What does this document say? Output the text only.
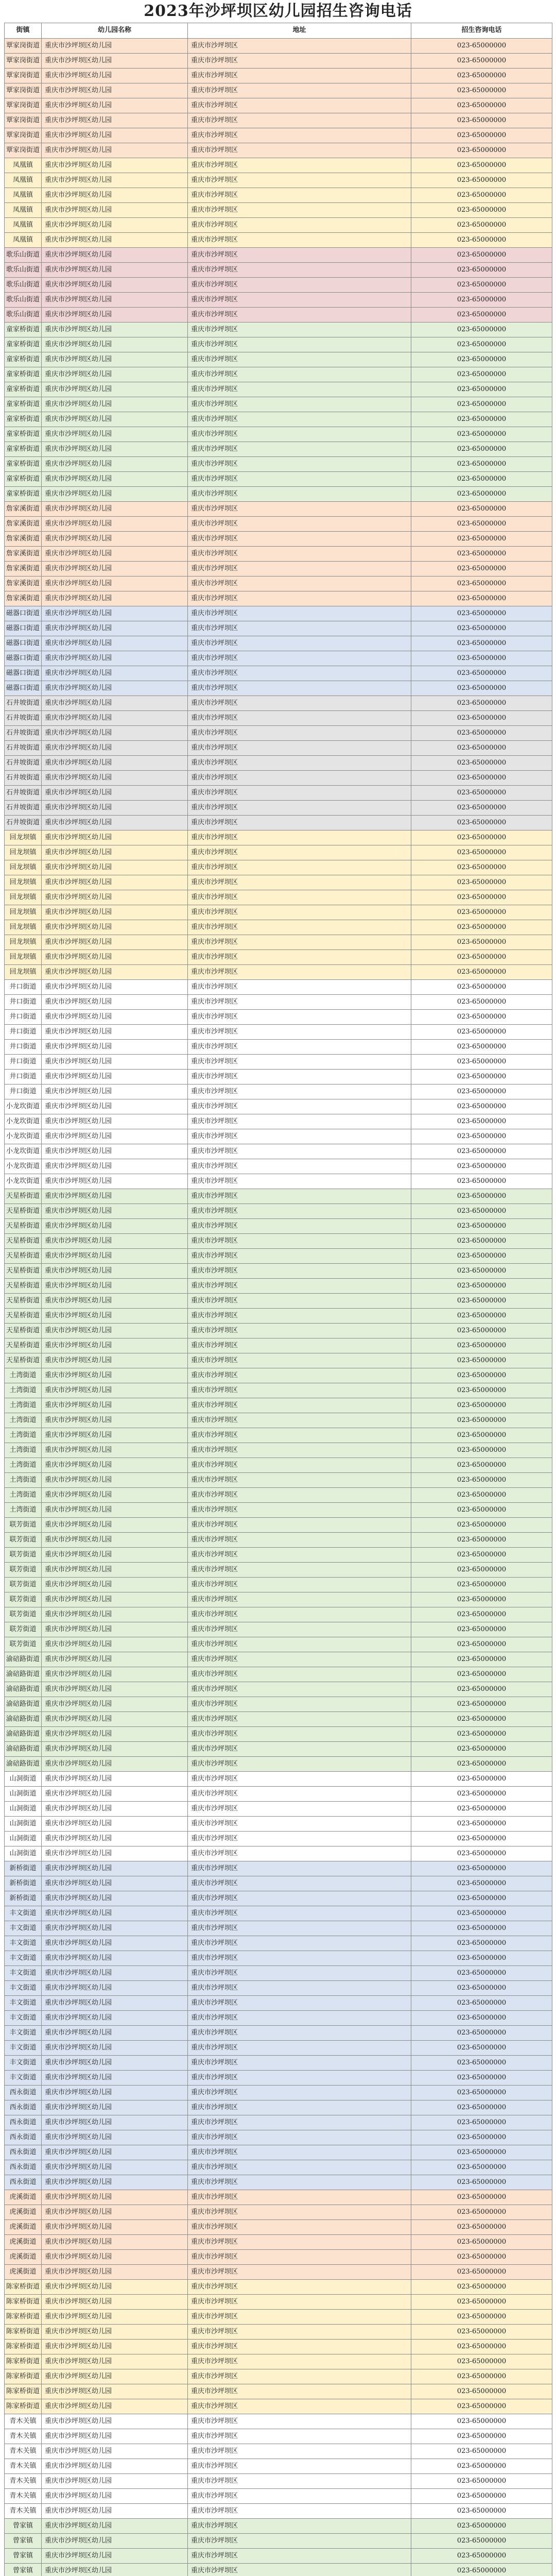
2023年沙坪坝区幼儿园招生咨询电话
街镇	幼儿园名称	地址	招生咨询电话
覃家岗街道 重庆市沙坪坝区幼儿园	重庆市沙坪坝区	023-65000000
覃家岗街道 重庆市沙坪坝区幼儿园	重庆市沙坪坝区	023-65000000
覃家岗街道 重庆市沙坪坝区幼儿园	重庆市沙坪坝区	023-65000000
覃家岗街道 重庆市沙坪坝区幼儿园	重庆市沙坪坝区	023-65000000
覃家岗街道 重庆市沙坪坝区幼儿园	重庆市沙坪坝区	023-65000000
覃家岗街道 重庆市沙坪坝区幼儿园	重庆市沙坪坝区	023-65000000
覃家岗街道 重庆市沙坪坝区幼儿园	重庆市沙坪坝区	023-65000000
覃家岗街道 重庆市沙坪坝区幼儿园	重庆市沙坪坝区	023-65000000
凤凰镇	重庆市沙坪坝区幼儿园	重庆市沙坪坝区	023-65000000
凤凰镇	重庆市沙坪坝区幼儿园	重庆市沙坪坝区	023-65000000
凤凰镇	重庆市沙坪坝区幼儿园	重庆市沙坪坝区	023-65000000
凤凰镇	重庆市沙坪坝区幼儿园	重庆市沙坪坝区	023-65000000
凤凰镇	重庆市沙坪坝区幼儿园	重庆市沙坪坝区	023-65000000
凤凰镇	重庆市沙坪坝区幼儿园	重庆市沙坪坝区	023-65000000
歌乐山街道 重庆市沙坪坝区幼儿园	重庆市沙坪坝区	023-65000000
歌乐山街道 重庆市沙坪坝区幼儿园	重庆市沙坪坝区	023-65000000
歌乐山街道 重庆市沙坪坝区幼儿园	重庆市沙坪坝区	023-65000000
歌乐山街道 重庆市沙坪坝区幼儿园	重庆市沙坪坝区	023-65000000
歌乐山街道 重庆市沙坪坝区幼儿园	重庆市沙坪坝区	023-65000000
童家桥街道 重庆市沙坪坝区幼儿园	重庆市沙坪坝区	023-65000000
童家桥街道 重庆市沙坪坝区幼儿园	重庆市沙坪坝区	023-65000000
童家桥街道 重庆市沙坪坝区幼儿园	重庆市沙坪坝区	023-65000000
童家桥街道 重庆市沙坪坝区幼儿园	重庆市沙坪坝区	023-65000000
童家桥街道 重庆市沙坪坝区幼儿园	重庆市沙坪坝区	023-65000000
童家桥街道 重庆市沙坪坝区幼儿园	重庆市沙坪坝区	023-65000000
童家桥街道 重庆市沙坪坝区幼儿园	重庆市沙坪坝区	023-65000000
童家桥街道 重庆市沙坪坝区幼儿园	重庆市沙坪坝区	023-65000000
童家桥街道 重庆市沙坪坝区幼儿园	重庆市沙坪坝区	023-65000000
童家桥街道 重庆市沙坪坝区幼儿园	重庆市沙坪坝区	023-65000000
童家桥街道 重庆市沙坪坝区幼儿园	重庆市沙坪坝区	023-65000000
童家桥街道 重庆市沙坪坝区幼儿园	重庆市沙坪坝区	023-65000000
詹家溪街道 重庆市沙坪坝区幼儿园	重庆市沙坪坝区	023-65000000
詹家溪街道 重庆市沙坪坝区幼儿园	重庆市沙坪坝区	023-65000000
詹家溪街道 重庆市沙坪坝区幼儿园	重庆市沙坪坝区	023-65000000
詹家溪街道 重庆市沙坪坝区幼儿园	重庆市沙坪坝区	023-65000000
詹家溪街道 重庆市沙坪坝区幼儿园	重庆市沙坪坝区	023-65000000
詹家溪街道 重庆市沙坪坝区幼儿园	重庆市沙坪坝区	023-65000000
詹家溪街道 重庆市沙坪坝区幼儿园	重庆市沙坪坝区	023-65000000
磁器口街道 重庆市沙坪坝区幼儿园	重庆市沙坪坝区	023-65000000
磁器口街道 重庆市沙坪坝区幼儿园	重庆市沙坪坝区	023-65000000
磁器口街道 重庆市沙坪坝区幼儿园	重庆市沙坪坝区	023-65000000
磁器口街道 重庆市沙坪坝区幼儿园	重庆市沙坪坝区	023-65000000
磁器口街道 重庆市沙坪坝区幼儿园	重庆市沙坪坝区	023-65000000
磁器口街道 重庆市沙坪坝区幼儿园	重庆市沙坪坝区	023-65000000
石井坡街道 重庆市沙坪坝区幼儿园	重庆市沙坪坝区	023-65000000
石井坡街道 重庆市沙坪坝区幼儿园	重庆市沙坪坝区	023-65000000
石井坡街道 重庆市沙坪坝区幼儿园	重庆市沙坪坝区	023-65000000
石井坡街道 重庆市沙坪坝区幼儿园	重庆市沙坪坝区	023-65000000
石井坡街道 重庆市沙坪坝区幼儿园	重庆市沙坪坝区	023-65000000
石井坡街道 重庆市沙坪坝区幼儿园	重庆市沙坪坝区	023-65000000
石井坡街道 重庆市沙坪坝区幼儿园	重庆市沙坪坝区	023-65000000
石井坡街道 重庆市沙坪坝区幼儿园	重庆市沙坪坝区	023-65000000
石井坡街道 重庆市沙坪坝区幼儿园	重庆市沙坪坝区	023-65000000
回龙坝镇	重庆市沙坪坝区幼儿园	重庆市沙坪坝区	023-65000000
回龙坝镇	重庆市沙坪坝区幼儿园	重庆市沙坪坝区	023-65000000
回龙坝镇	重庆市沙坪坝区幼儿园	重庆市沙坪坝区	023-65000000
回龙坝镇	重庆市沙坪坝区幼儿园	重庆市沙坪坝区	023-65000000
回龙坝镇	重庆市沙坪坝区幼儿园	重庆市沙坪坝区	023-65000000
回龙坝镇	重庆市沙坪坝区幼儿园	重庆市沙坪坝区	023-65000000
回龙坝镇	重庆市沙坪坝区幼儿园	重庆市沙坪坝区	023-65000000
回龙坝镇	重庆市沙坪坝区幼儿园	重庆市沙坪坝区	023-65000000
回龙坝镇	重庆市沙坪坝区幼儿园	重庆市沙坪坝区	023-65000000
回龙坝镇	重庆市沙坪坝区幼儿园	重庆市沙坪坝区	023-65000000
井口街道	重庆市沙坪坝区幼儿园	重庆市沙坪坝区	023-65000000
井口街道	重庆市沙坪坝区幼儿园	重庆市沙坪坝区	023-65000000
井口街道	重庆市沙坪坝区幼儿园	重庆市沙坪坝区	023-65000000
井口街道	重庆市沙坪坝区幼儿园	重庆市沙坪坝区	023-65000000
井口街道	重庆市沙坪坝区幼儿园	重庆市沙坪坝区	023-65000000
井口街道	重庆市沙坪坝区幼儿园	重庆市沙坪坝区	023-65000000
井口街道	重庆市沙坪坝区幼儿园	重庆市沙坪坝区	023-65000000
井口街道	重庆市沙坪坝区幼儿园	重庆市沙坪坝区	023-65000000
小龙坎街道 重庆市沙坪坝区幼儿园	重庆市沙坪坝区	023-65000000
小龙坎街道 重庆市沙坪坝区幼儿园	重庆市沙坪坝区	023-65000000
小龙坎街道 重庆市沙坪坝区幼儿园	重庆市沙坪坝区	023-65000000
小龙坎街道 重庆市沙坪坝区幼儿园	重庆市沙坪坝区	023-65000000
小龙坎街道 重庆市沙坪坝区幼儿园	重庆市沙坪坝区	023-65000000
小龙坎街道 重庆市沙坪坝区幼儿园	重庆市沙坪坝区	023-65000000
天星桥街道 重庆市沙坪坝区幼儿园	重庆市沙坪坝区	023-65000000
天星桥街道 重庆市沙坪坝区幼儿园	重庆市沙坪坝区	023-65000000
天星桥街道 重庆市沙坪坝区幼儿园	重庆市沙坪坝区	023-65000000
天星桥街道 重庆市沙坪坝区幼儿园	重庆市沙坪坝区	023-65000000
天星桥街道 重庆市沙坪坝区幼儿园	重庆市沙坪坝区	023-65000000
天星桥街道 重庆市沙坪坝区幼儿园	重庆市沙坪坝区	023-65000000
天星桥街道 重庆市沙坪坝区幼儿园	重庆市沙坪坝区	023-65000000
天星桥街道 重庆市沙坪坝区幼儿园	重庆市沙坪坝区	023-65000000
天星桥街道 重庆市沙坪坝区幼儿园	重庆市沙坪坝区	023-65000000
天星桥街道 重庆市沙坪坝区幼儿园	重庆市沙坪坝区	023-65000000
天星桥街道 重庆市沙坪坝区幼儿园	重庆市沙坪坝区	023-65000000
天星桥街道 重庆市沙坪坝区幼儿园	重庆市沙坪坝区	023-65000000
土湾街道	重庆市沙坪坝区幼儿园	重庆市沙坪坝区	023-65000000
土湾街道	重庆市沙坪坝区幼儿园	重庆市沙坪坝区	023-65000000
土湾街道	重庆市沙坪坝区幼儿园	重庆市沙坪坝区	023-65000000
土湾街道	重庆市沙坪坝区幼儿园	重庆市沙坪坝区	023-65000000
土湾街道	重庆市沙坪坝区幼儿园	重庆市沙坪坝区	023-65000000
土湾街道	重庆市沙坪坝区幼儿园	重庆市沙坪坝区	023-65000000
土湾街道	重庆市沙坪坝区幼儿园	重庆市沙坪坝区	023-65000000
土湾街道	重庆市沙坪坝区幼儿园	重庆市沙坪坝区	023-65000000
土湾街道	重庆市沙坪坝区幼儿园	重庆市沙坪坝区	023-65000000
土湾街道	重庆市沙坪坝区幼儿园	重庆市沙坪坝区	023-65000000
联芳街道	重庆市沙坪坝区幼儿园	重庆市沙坪坝区	023-65000000
联芳街道	重庆市沙坪坝区幼儿园	重庆市沙坪坝区	023-65000000
联芳街道	重庆市沙坪坝区幼儿园	重庆市沙坪坝区	023-65000000
联芳街道	重庆市沙坪坝区幼儿园	重庆市沙坪坝区	023-65000000
联芳街道	重庆市沙坪坝区幼儿园	重庆市沙坪坝区	023-65000000
联芳街道	重庆市沙坪坝区幼儿园	重庆市沙坪坝区	023-65000000
联芳街道	重庆市沙坪坝区幼儿园	重庆市沙坪坝区	023-65000000
联芳街道	重庆市沙坪坝区幼儿园	重庆市沙坪坝区	023-65000000
联芳街道	重庆市沙坪坝区幼儿园	重庆市沙坪坝区	023-65000000
渝碚路街道 重庆市沙坪坝区幼儿园	重庆市沙坪坝区	023-65000000
渝碚路街道 重庆市沙坪坝区幼儿园	重庆市沙坪坝区	023-65000000
渝碚路街道 重庆市沙坪坝区幼儿园	重庆市沙坪坝区	023-65000000
渝碚路街道 重庆市沙坪坝区幼儿园	重庆市沙坪坝区	023-65000000
渝碚路街道 重庆市沙坪坝区幼儿园	重庆市沙坪坝区	023-65000000
渝碚路街道 重庆市沙坪坝区幼儿园	重庆市沙坪坝区	023-65000000
渝碚路街道 重庆市沙坪坝区幼儿园	重庆市沙坪坝区	023-65000000
渝碚路街道 重庆市沙坪坝区幼儿园	重庆市沙坪坝区	023-65000000
山洞街道	重庆市沙坪坝区幼儿园	重庆市沙坪坝区	023-65000000
山洞街道	重庆市沙坪坝区幼儿园	重庆市沙坪坝区	023-65000000
山洞街道	重庆市沙坪坝区幼儿园	重庆市沙坪坝区	023-65000000
山洞街道	重庆市沙坪坝区幼儿园	重庆市沙坪坝区	023-65000000
山洞街道	重庆市沙坪坝区幼儿园	重庆市沙坪坝区	023-65000000
山洞街道	重庆市沙坪坝区幼儿园	重庆市沙坪坝区	023-65000000
新桥街道	重庆市沙坪坝区幼儿园	重庆市沙坪坝区	023-65000000
新桥街道	重庆市沙坪坝区幼儿园	重庆市沙坪坝区	023-65000000
新桥街道	重庆市沙坪坝区幼儿园	重庆市沙坪坝区	023-65000000
丰文街道	重庆市沙坪坝区幼儿园	重庆市沙坪坝区	023-65000000
丰文街道	重庆市沙坪坝区幼儿园	重庆市沙坪坝区	023-65000000
丰文街道	重庆市沙坪坝区幼儿园	重庆市沙坪坝区	023-65000000
丰文街道	重庆市沙坪坝区幼儿园	重庆市沙坪坝区	023-65000000
丰文街道	重庆市沙坪坝区幼儿园	重庆市沙坪坝区	023-65000000
丰文街道	重庆市沙坪坝区幼儿园	重庆市沙坪坝区	023-65000000
丰文街道	重庆市沙坪坝区幼儿园	重庆市沙坪坝区	023-65000000
丰文街道	重庆市沙坪坝区幼儿园	重庆市沙坪坝区	023-65000000
丰文街道	重庆市沙坪坝区幼儿园	重庆市沙坪坝区	023-65000000
丰文街道	重庆市沙坪坝区幼儿园	重庆市沙坪坝区	023-65000000
丰文街道	重庆市沙坪坝区幼儿园	重庆市沙坪坝区	023-65000000
丰文街道	重庆市沙坪坝区幼儿园	重庆市沙坪坝区	023-65000000
西永街道	重庆市沙坪坝区幼儿园	重庆市沙坪坝区	023-65000000
西永街道	重庆市沙坪坝区幼儿园	重庆市沙坪坝区	023-65000000
西永街道	重庆市沙坪坝区幼儿园	重庆市沙坪坝区	023-65000000
西永街道	重庆市沙坪坝区幼儿园	重庆市沙坪坝区	023-65000000
西永街道	重庆市沙坪坝区幼儿园	重庆市沙坪坝区	023-65000000
西永街道	重庆市沙坪坝区幼儿园	重庆市沙坪坝区	023-65000000
西永街道	重庆市沙坪坝区幼儿园	重庆市沙坪坝区	023-65000000
虎溪街道	重庆市沙坪坝区幼儿园	重庆市沙坪坝区	023-65000000
虎溪街道	重庆市沙坪坝区幼儿园	重庆市沙坪坝区	023-65000000
虎溪街道	重庆市沙坪坝区幼儿园	重庆市沙坪坝区	023-65000000
虎溪街道	重庆市沙坪坝区幼儿园	重庆市沙坪坝区	023-65000000
虎溪街道	重庆市沙坪坝区幼儿园	重庆市沙坪坝区	023-65000000
虎溪街道	重庆市沙坪坝区幼儿园	重庆市沙坪坝区	023-65000000
陈家桥街道 重庆市沙坪坝区幼儿园	重庆市沙坪坝区	023-65000000
陈家桥街道 重庆市沙坪坝区幼儿园	重庆市沙坪坝区	023-65000000
陈家桥街道 重庆市沙坪坝区幼儿园	重庆市沙坪坝区	023-65000000
陈家桥街道 重庆市沙坪坝区幼儿园	重庆市沙坪坝区	023-65000000
陈家桥街道 重庆市沙坪坝区幼儿园	重庆市沙坪坝区	023-65000000
陈家桥街道 重庆市沙坪坝区幼儿园	重庆市沙坪坝区	023-65000000
陈家桥街道 重庆市沙坪坝区幼儿园	重庆市沙坪坝区	023-65000000
陈家桥街道 重庆市沙坪坝区幼儿园	重庆市沙坪坝区	023-65000000
陈家桥街道 重庆市沙坪坝区幼儿园	重庆市沙坪坝区	023-65000000
青木关镇	重庆市沙坪坝区幼儿园	重庆市沙坪坝区	023-65000000
青木关镇	重庆市沙坪坝区幼儿园	重庆市沙坪坝区	023-65000000
青木关镇	重庆市沙坪坝区幼儿园	重庆市沙坪坝区	023-65000000
青木关镇	重庆市沙坪坝区幼儿园	重庆市沙坪坝区	023-65000000
青木关镇	重庆市沙坪坝区幼儿园	重庆市沙坪坝区	023-65000000
青木关镇	重庆市沙坪坝区幼儿园	重庆市沙坪坝区	023-65000000
青木关镇	重庆市沙坪坝区幼儿园	重庆市沙坪坝区	023-65000000
曾家镇	重庆市沙坪坝区幼儿园	重庆市沙坪坝区	023-65000000
曾家镇	重庆市沙坪坝区幼儿园	重庆市沙坪坝区	023-65000000
曾家镇	重庆市沙坪坝区幼儿园	重庆市沙坪坝区	023-65000000
曾家镇	重庆市沙坪坝区幼儿园	重庆市沙坪坝区	023-65000000
